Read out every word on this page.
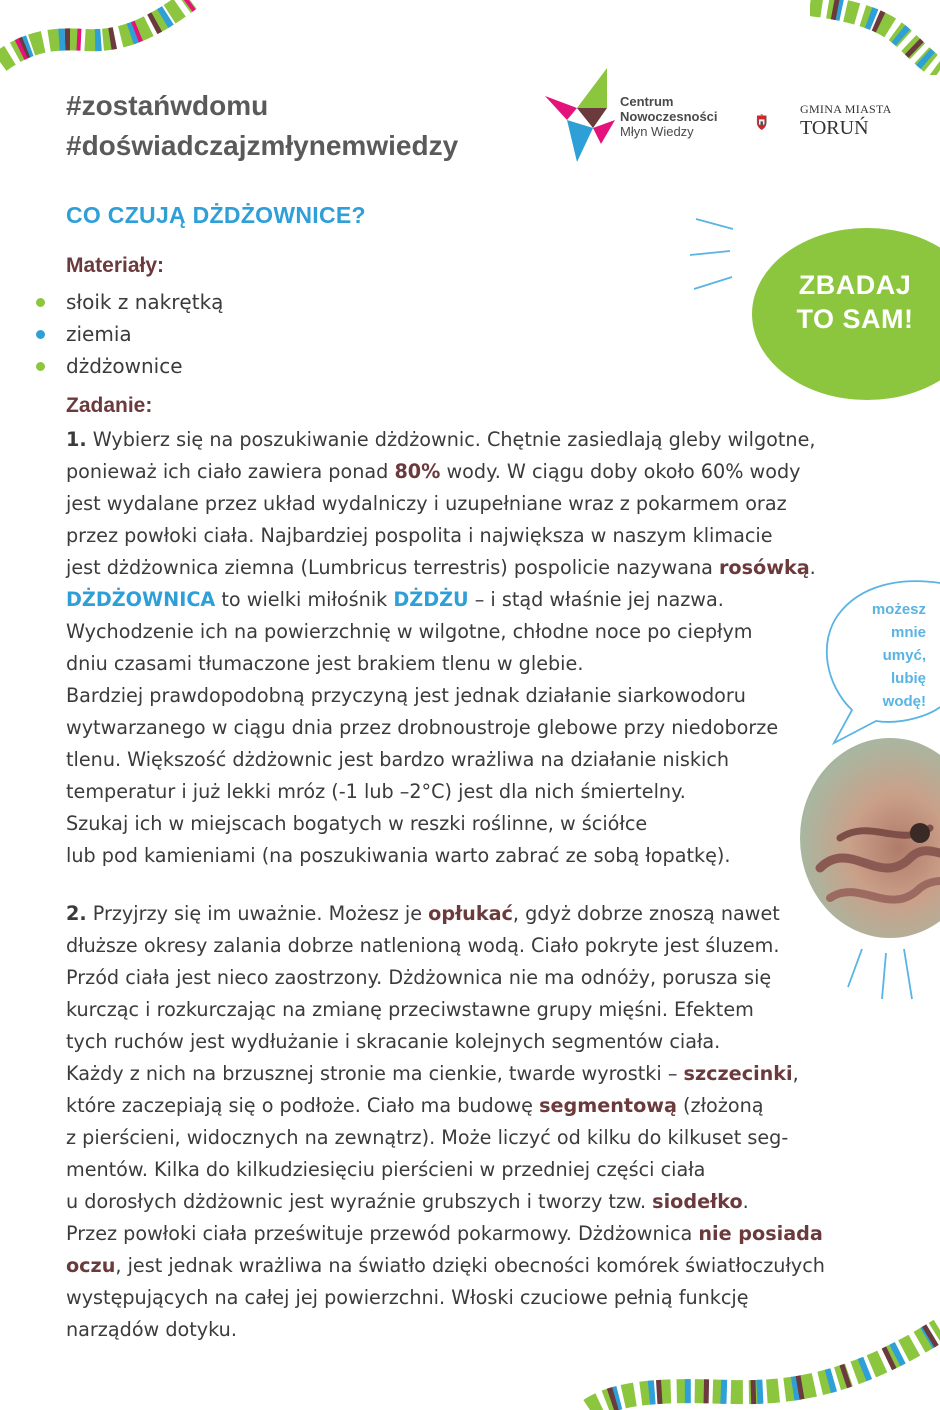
#zostańwdomu
#doświadczajzmłynemwiedzy
Centrum
Nowoczesności
Młyn Wiedzy
GMINA MIASTA
TORUŃ
CO CZUJĄ DŻDŻOWNICE?
ZBADAJ
TO SAM!
Materiały:
słoik z nakrętką
ziemia
dżdżownice
Zadanie:
1. Wybierz się na poszukiwanie dżdżownic. Chętnie zasiedlają gleby wilgotne,
ponieważ ich ciało zawiera ponad 80% wody. W ciągu doby około 60% wody
jest wydalane przez układ wydalniczy i uzupełniane wraz z pokarmem oraz
przez powłoki ciała. Najbardziej pospolita i największa w naszym klimacie
jest dżdżownica ziemna (Lumbricus terrestris) pospolicie nazywana rosówką.
DŻDŻOWNICA to wielki miłośnik DŻDŻU – i stąd właśnie jej nazwa.
Wychodzenie ich na powierzchnię w wilgotne, chłodne noce po ciepłym
dniu czasami tłumaczone jest brakiem tlenu w glebie.
Bardziej prawdopodobną przyczyną jest jednak działanie siarkowodoru
wytwarzanego w ciągu dnia przez drobnoustroje glebowe przy niedoborze
tlenu. Większość dżdżownic jest bardzo wrażliwa na działanie niskich
temperatur i już lekki mróz (-1 lub –2°C) jest dla nich śmiertelny.
Szukaj ich w miejscach bogatych w reszki roślinne, w ściółce
lub pod kamieniami (na poszukiwania warto zabrać ze sobą łopatkę).
2. Przyjrzy się im uważnie. Możesz je opłukać, gdyż dobrze znoszą nawet
dłuższe okresy zalania dobrze natlenioną wodą. Ciało pokryte jest śluzem.
Przód ciała jest nieco zaostrzony. Dżdżownica nie ma odnóży, porusza się
kurcząc i rozkurczając na zmianę przeciwstawne grupy mięśni. Efektem
tych ruchów jest wydłużanie i skracanie kolejnych segmentów ciała.
Każdy z nich na brzusznej stronie ma cienkie, twarde wyrostki – szczecinki,
które zaczepiają się o podłoże. Ciało ma budowę segmentową (złożoną
z pierścieni, widocznych na zewnątrz). Może liczyć od kilku do kilkuset seg-
mentów. Kilka do kilkudziesięciu pierścieni w przedniej części ciała
u dorosłych dżdżownic jest wyraźnie grubszych i tworzy tzw. siodełko.
Przez powłoki ciała prześwituje przewód pokarmowy. Dżdżownica nie posiada
oczu, jest jednak wrażliwa na światło dzięki obecności komórek światłoczułych
występujących na całej jej powierzchni. Włoski czuciowe pełnią funkcję
narządów dotyku.
możesz
mnie
umyć,
lubię
wodę!
